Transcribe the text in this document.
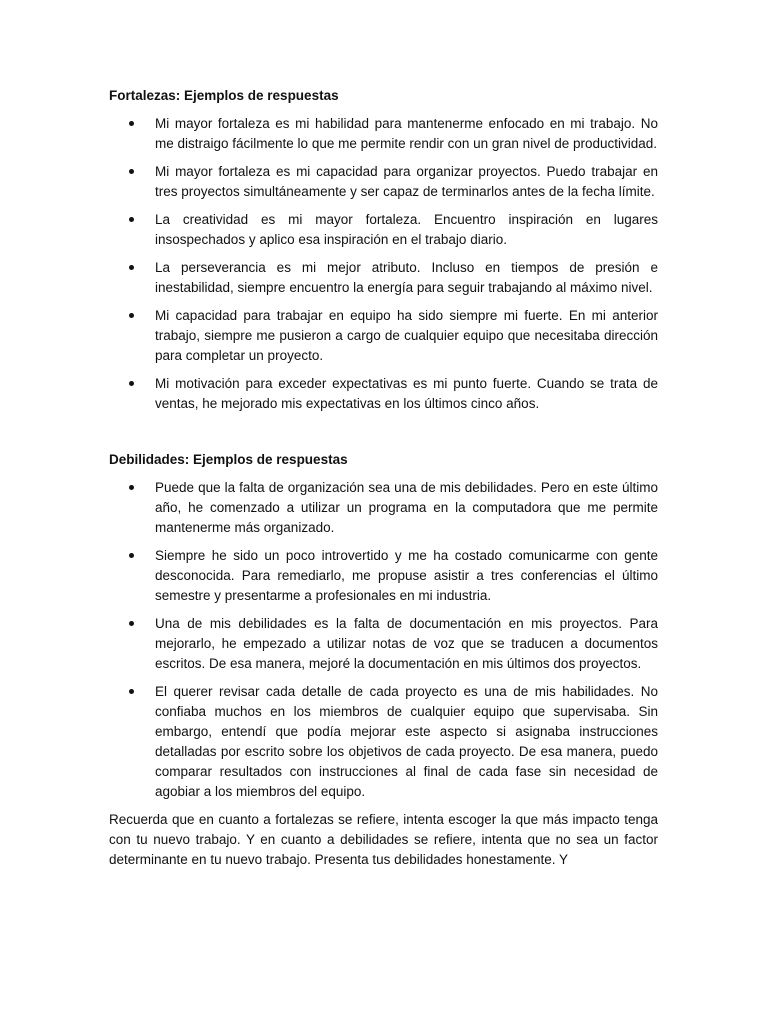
Fortalezas: Ejemplos de respuestas

Mi mayor fortaleza es mi habilidad para mantenerme enfocado en mi trabajo. No me distraigo fácilmente lo que me permite rendir con un gran nivel de productividad.
Mi mayor fortaleza es mi capacidad para organizar proyectos. Puedo trabajar en tres proyectos simultáneamente y ser capaz de terminarlos antes de la fecha límite.
La creatividad es mi mayor fortaleza. Encuentro inspiración en lugares insospechados y aplico esa inspiración en el trabajo diario.
La perseverancia es mi mejor atributo. Incluso en tiempos de presión e inestabilidad, siempre encuentro la energía para seguir trabajando al máximo nivel.
Mi capacidad para trabajar en equipo ha sido siempre mi fuerte. En mi anterior trabajo, siempre me pusieron a cargo de cualquier equipo que necesitaba dirección para completar un proyecto.
Mi motivación para exceder expectativas es mi punto fuerte. Cuando se trata de ventas, he mejorado mis expectativas en los últimos cinco años.

Debilidades: Ejemplos de respuestas

Puede que la falta de organización sea una de mis debilidades. Pero en este último año, he comenzado a utilizar un programa en la computadora que me permite mantenerme más organizado.
Siempre he sido un poco introvertido y me ha costado comunicarme con gente desconocida. Para remediarlo, me propuse asistir a tres conferencias el último semestre y presentarme a profesionales en mi industria.
Una de mis debilidades es la falta de documentación en mis proyectos. Para mejorarlo, he empezado a utilizar notas de voz que se traducen a documentos escritos. De esa manera, mejoré la documentación en mis últimos dos proyectos.
El querer revisar cada detalle de cada proyecto es una de mis habilidades. No confiaba muchos en los miembros de cualquier equipo que supervisaba. Sin embargo, entendí que podía mejorar este aspecto si asignaba instrucciones detalladas por escrito sobre los objetivos de cada proyecto. De esa manera, puedo comparar resultados con instrucciones al final de cada fase sin necesidad de agobiar a los miembros del equipo.

Recuerda que en cuanto a fortalezas se refiere, intenta escoger la que más impacto tenga con tu nuevo trabajo. Y en cuanto a debilidades se refiere, intenta que no sea un factor determinante en tu nuevo trabajo. Presenta tus debilidades honestamente. Y
